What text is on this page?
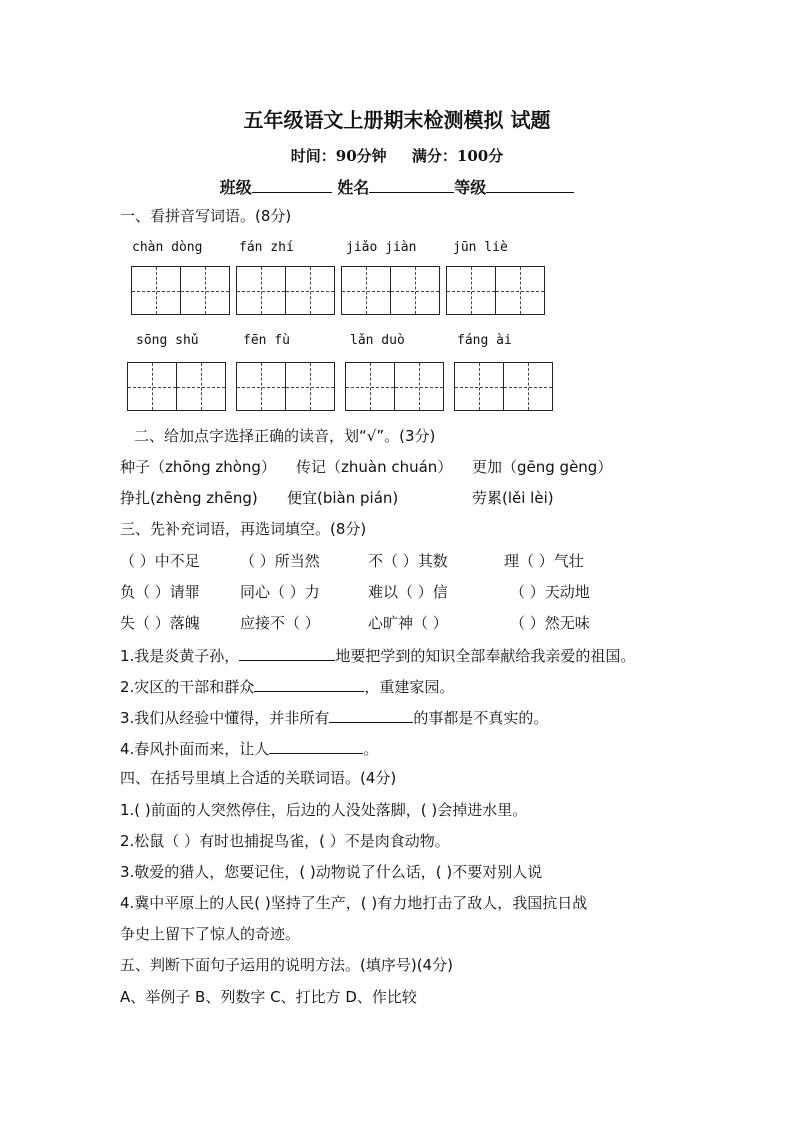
五年级语文上册期末检测模拟 试题
时间：90分钟 满分：100分
班级	姓名	等级
一、看拼音写词语。(8分)
chàn dòng	fán zhí	jiǎo jiàn	jūn liè
sōng shǔ	fēn fù	lǎn duò	fáng ài
二、给加点字选择正确的读音，划“√”。(3分)
种子（zhōng zhòng） 传记（zhuàn chuán） 更加（gēng gèng）
挣扎(zhèng zhēng) 便宜(biàn pián)	劳累(lěi lèi)
三、先补充词语，再选词填空。(8分)
（ ）中不足	（ ）所当然	不（ ）其数	理（ ）气壮
负（ ）请罪	同心（ ）力	难以（ ）信	（ ）天动地
失（ ）落魄	应接不（ ）	心旷神（ ）	（ ）然无味
1.我是炎黄子孙，	地要把学到的知识全部奉献给我亲爱的祖国。
2.灾区的干部和群众	，重建家园。
3.我们从经验中懂得，并非所有	的事都是不真实的。
4.春风扑面而来，让人	。
四、在括号里填上合适的关联词语。(4分)
1.( )前面的人突然停住，后边的人没处落脚，( )会掉进水里。
2.松鼠（ ）有时也捕捉鸟雀，( ）不是肉食动物。
3.敬爱的猎人，您要记住，( )动物说了什么话，( )不要对别人说
4.冀中平原上的人民( )坚持了生产，( )有力地打击了敌人，我国抗日战
争史上留下了惊人的奇迹。
五、判断下面句子运用的说明方法。(填序号)(4分)
A、举例子 B、列数字 C、打比方 D、作比较
